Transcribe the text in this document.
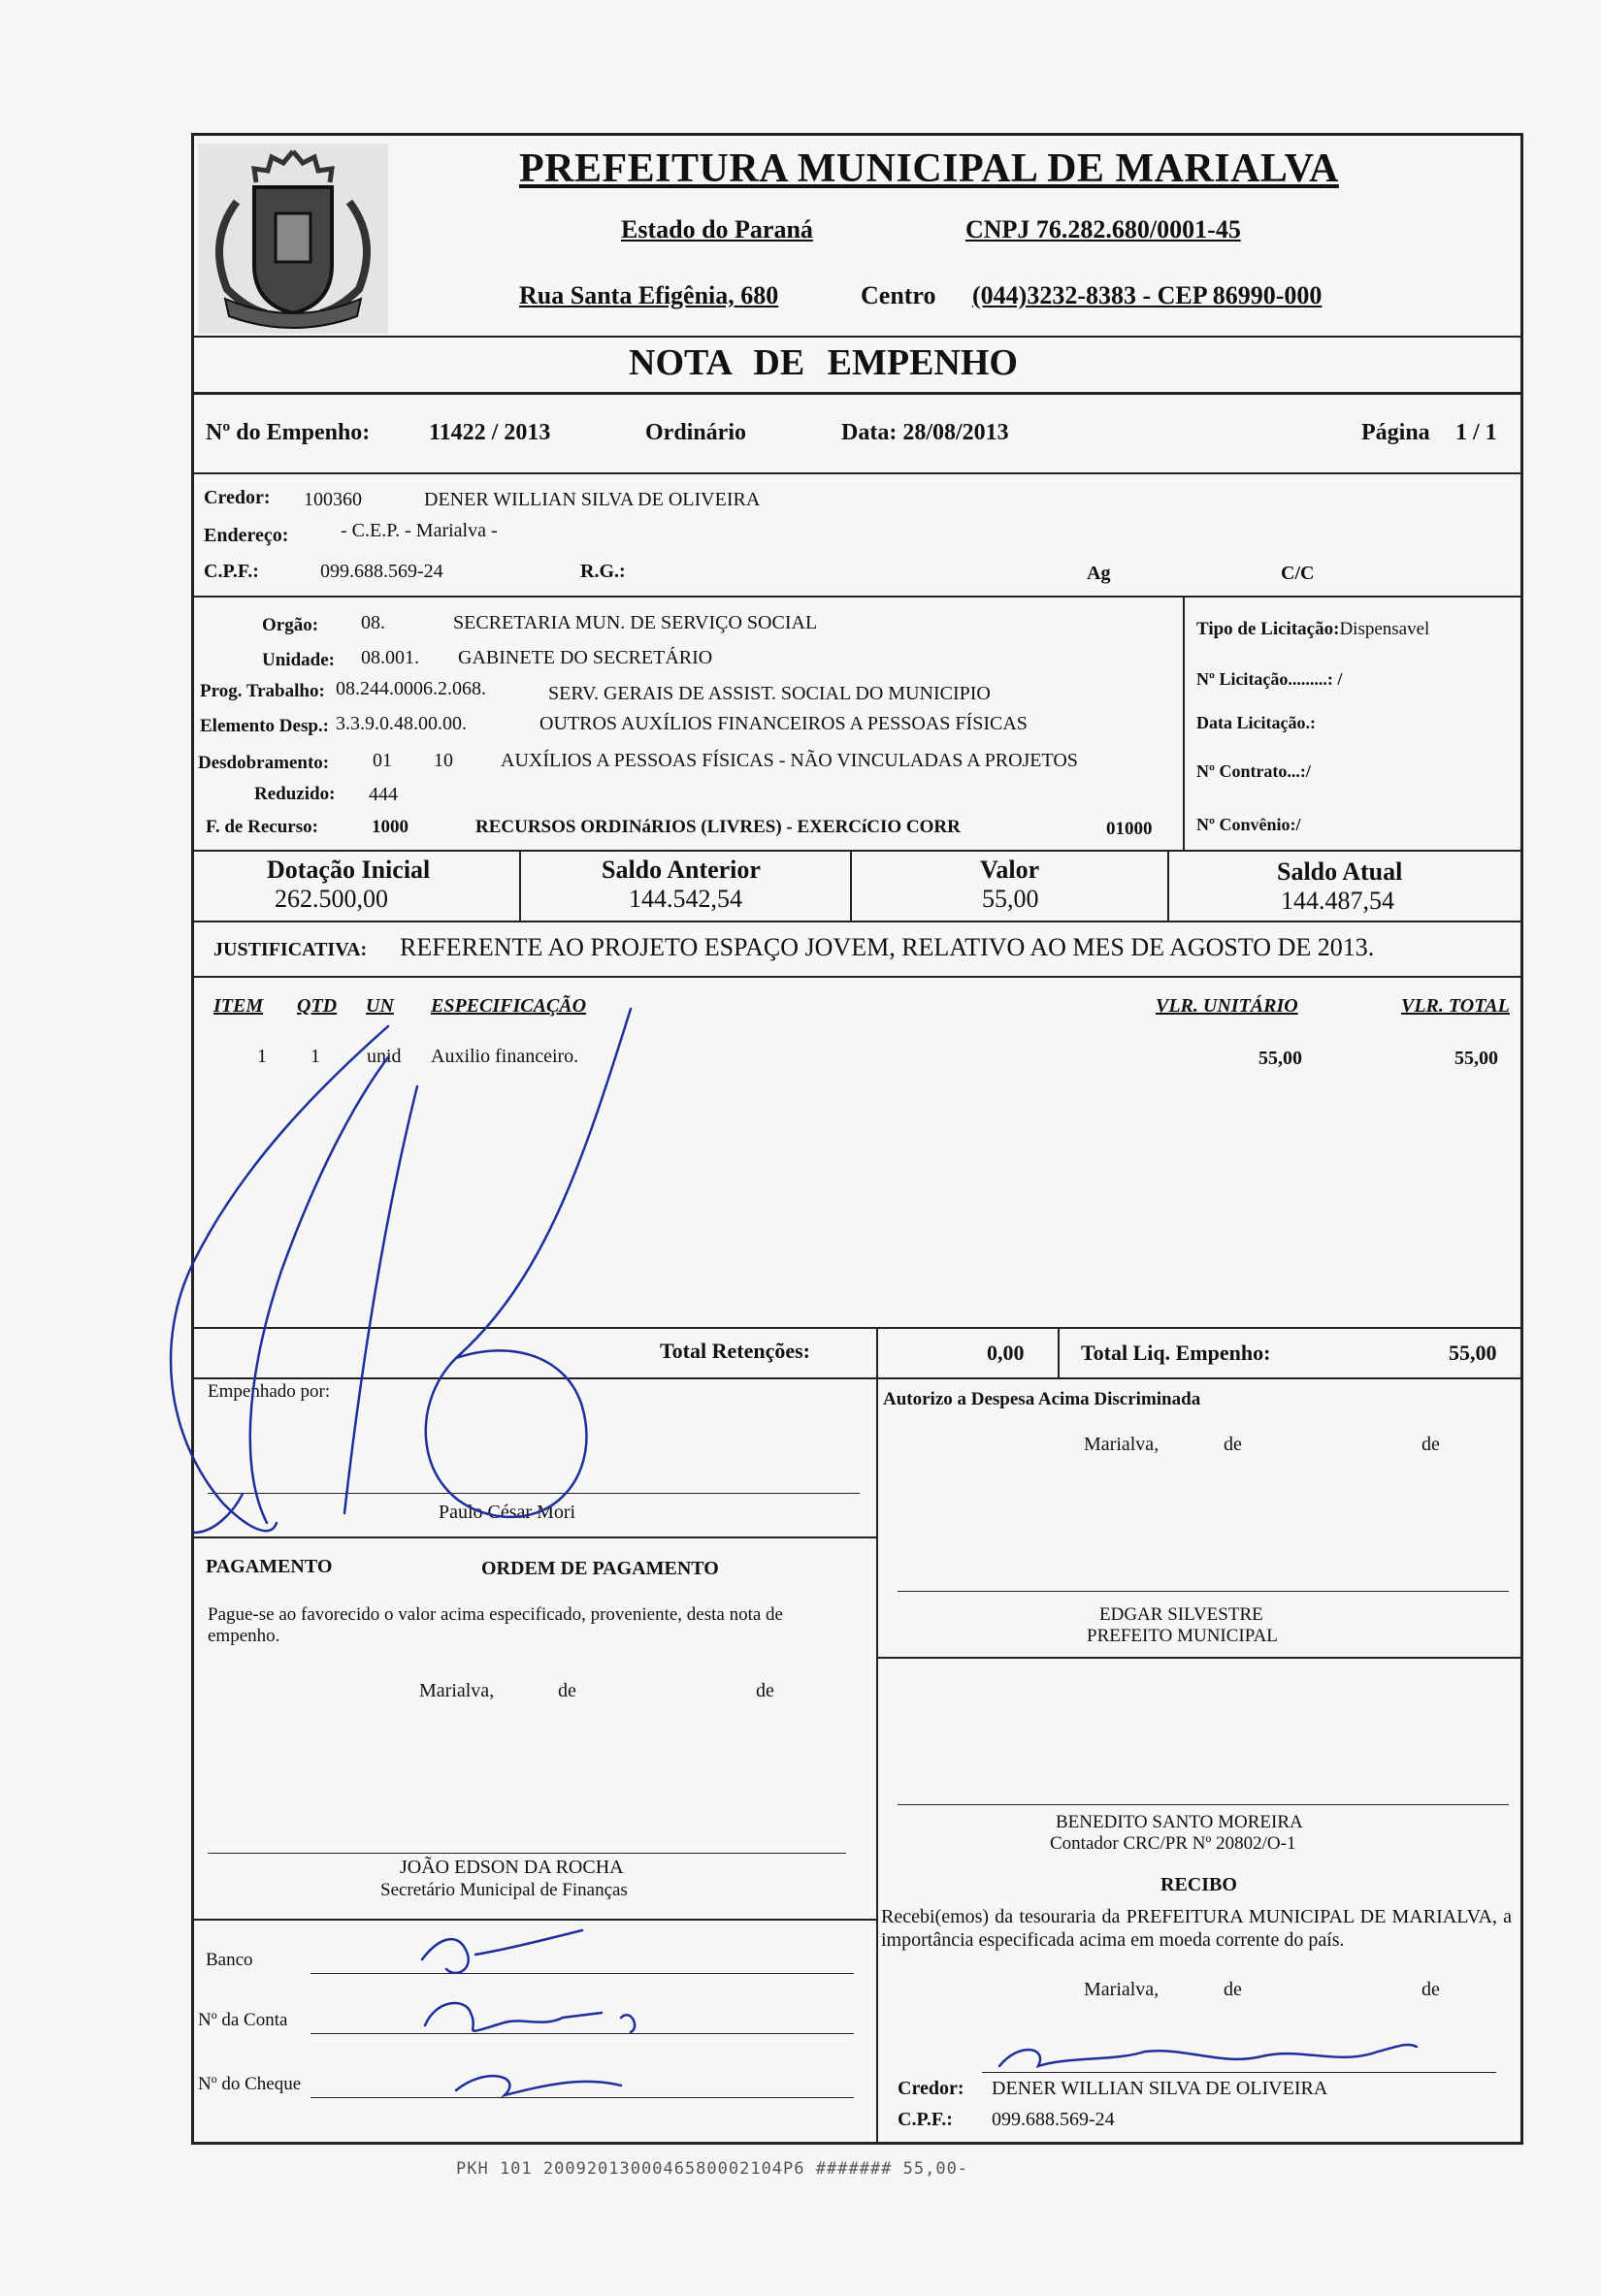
PREFEITURA MUNICIPAL DE MARIALVA
Estado do Paraná	CNPJ 76.282.680/0001-45
Rua Santa Efigênia, 680	Centro (044)3232-8383 - CEP 86990-000
NOTA DE EMPENHO
Nº do Empenho:	11422 / 2013	Ordinário	Data: 28/08/2013	Página 1 / 1
Credor: 100360	DENER WILLIAN SILVA DE OLIVEIRA
Endereço:	- C.E.P. - Marialva -
C.P.F.:	099.688.569-24	R.G.:	Ag	C/C
Orgão: 08.	SECRETARIA MUN. DE SERVIÇO SOCIAL
Unidade: 08.001. GABINETE DO SECRETÁRIO
Prog. Trabalho: 08.244.0006.2.068.	SERV. GERAIS DE ASSIST. SOCIAL DO MUNICIPIO
Elemento Desp.: 3.3.9.0.48.00.00.	OUTROS AUXÍLIOS FINANCEIROS A PESSOAS FÍSICAS
Desdobramento: 01 10 AUXÍLIOS A PESSOAS FÍSICAS - NÃO VINCULADAS A PROJETOS
Reduzido: 444
F. de Recurso:	1000	RECURSOS ORDINáRIOS (LIVRES) - EXERCíCIO CORR	01000
Tipo de Licitação:Dispensavel
Nº Licitação.........: /
Data Licitação.:
Nº Contrato...:/
Nº Convênio:/
Dotação Inicial
262.500,00
Saldo Anterior
144.542,54
Valor
55,00
Saldo Atual
144.487,54
JUSTIFICATIVA: REFERENTE AO PROJETO ESPAÇO JOVEM, RELATIVO AO MES DE AGOSTO DE 2013.
ITEM QTD UN ESPECIFICAÇÃO	VLR. UNITÁRIO	VLR. TOTAL
1 1 unid Auxilio financeiro.	55,00	55,00
Total Retenções:	0,00	Total Liq. Empenho:	55,00
Empenhado por:
Paulo César Mori
Autorizo a Despesa Acima Discriminada
Marialva,	de	de
PAGAMENTO	ORDEM DE PAGAMENTO
Pague-se ao favorecido o valor acima especificado, proveniente, desta nota de empenho.
Marialva,	de	de
JOÃO EDSON DA ROCHA
Secretário Municipal de Finanças
Banco
Nº da Conta
Nº do Cheque
EDGAR SILVESTRE
PREFEITO MUNICIPAL
BENEDITO SANTO MOREIRA
Contador CRC/PR Nº 20802/O-1
RECIBO
Recebi(emos) da tesouraria da PREFEITURA MUNICIPAL DE MARIALVA, a importância especificada acima em moeda corrente do país.
Marialva,	de	de
Credor: DENER WILLIAN SILVA DE OLIVEIRA
C.P.F.: 099.688.569-24
PKH 101 2009201300046580002104P6 ####### 55,00-
